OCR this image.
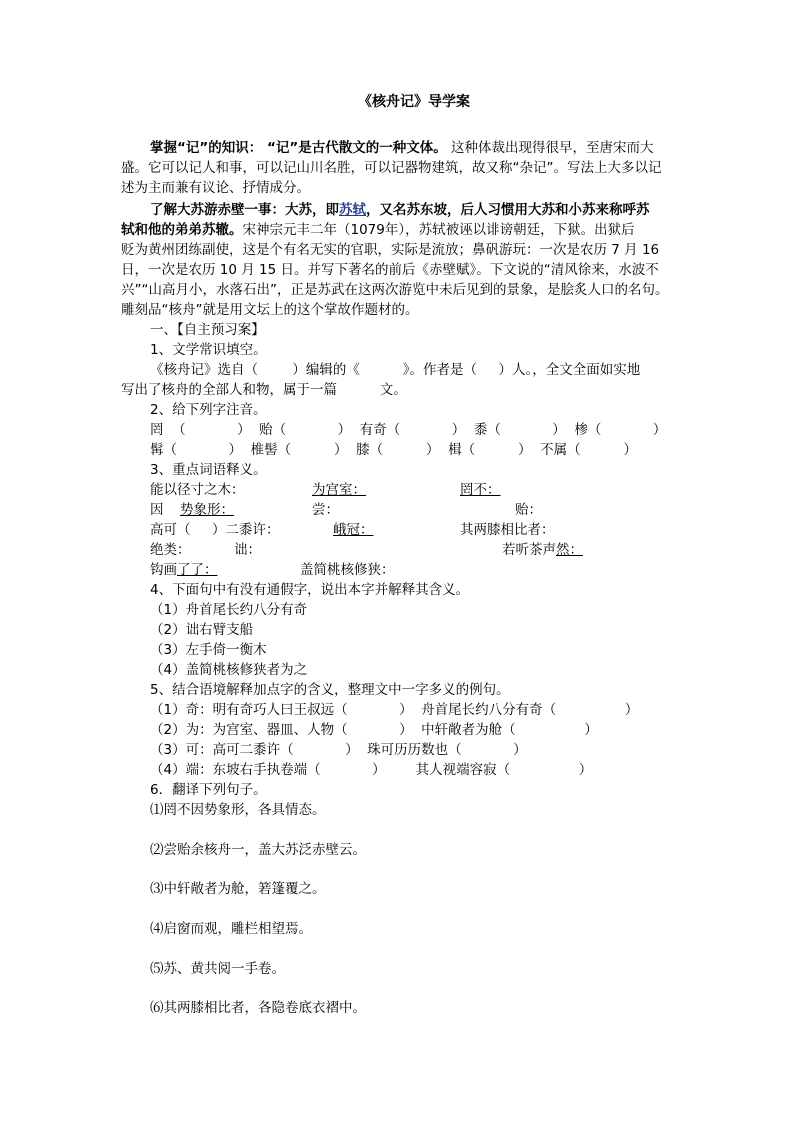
《核舟记》导学案
掌握“记”的知识： “记”是古代散文的一种文体。 这种体裁出现得很早，至唐宋而大
盛。它可以记人和事，可以记山川名胜，可以记器物建筑，故又称“杂记”。写法上大多以记
述为主而兼有议论、抒情成分。
了解大苏游赤壁一事：大苏，即苏轼，又名苏东坡，后人习惯用大苏和小苏来称呼苏
轼和他的弟弟苏辙。宋神宗元丰二年（1079年），苏轼被诬以诽谤朝廷，下狱。出狱后
贬为黄州团练副使，这是个有名无实的官职，实际是流放；鼻矾游玩：一次是农历 7 月 16
日，一次是农历 10 月 15 日。并写下著名的前后《赤壁赋》。下文说的“清风徐来，水波不
兴”“山高月小，水落石出”，正是苏武在这两次游览中未后见到的景象，是脍炙人口的名句。
雕刻品“核舟”就是用文坛上的这个掌故作题材的。
一、【自主预习案】
1、文学常识填空。
《核舟记》选自（        ）编辑的《          》。作者是（     ）人。，全文全面如实地
写出了核舟的全部人和物，属于一篇          文。
2、给下列字注音。
罔  （            ）  贻（            ）  有奇（            ）  黍（            ）  椮（            ）
髯（            ）  椎髻（          ）  膝（          ）  楫（          ）  不属（          ）
3、重点词语释义。
能以径寸之木：	为宫室：	罔不：
因 势象形：	尝：	贻：
高可（     ）二黍许：	峨冠：	其两膝相比者：
绝类：	诎：	若听茶声然：
钩画了了：	盖简桃核修狭：
4、下面句中有没有通假字，说出本字并解释其含义。
（1）舟首尾长约八分有奇
（2）诎右臂支船
（3）左手倚一衡木
（4）盖简桃核修狭者为之
5、结合语境解释加点字的含义，整理文中一字多义的例句。
（1）奇：明有奇巧人曰王叔远（            ）  舟首尾长约八分有奇（                ）
（2）为：为宫室、器皿、人物（            ）  中轩敞者为舱（                ）
（3）可：高可二黍许（            ）  珠可历历数也（            ）
（4）端：东坡右手执卷端（            ）       其人视端容寂（                ）
6．翻译下列句子。
⑴罔不因势象形，各具情态。
⑵尝贻余核舟一，盖大苏泛赤壁云。
⑶中轩敞者为舱，箬篷覆之。
⑷启窗而观，雕栏相望焉。
⑸苏、黄共阅一手卷。
⑹其两膝相比者，各隐卷底衣褶中。
